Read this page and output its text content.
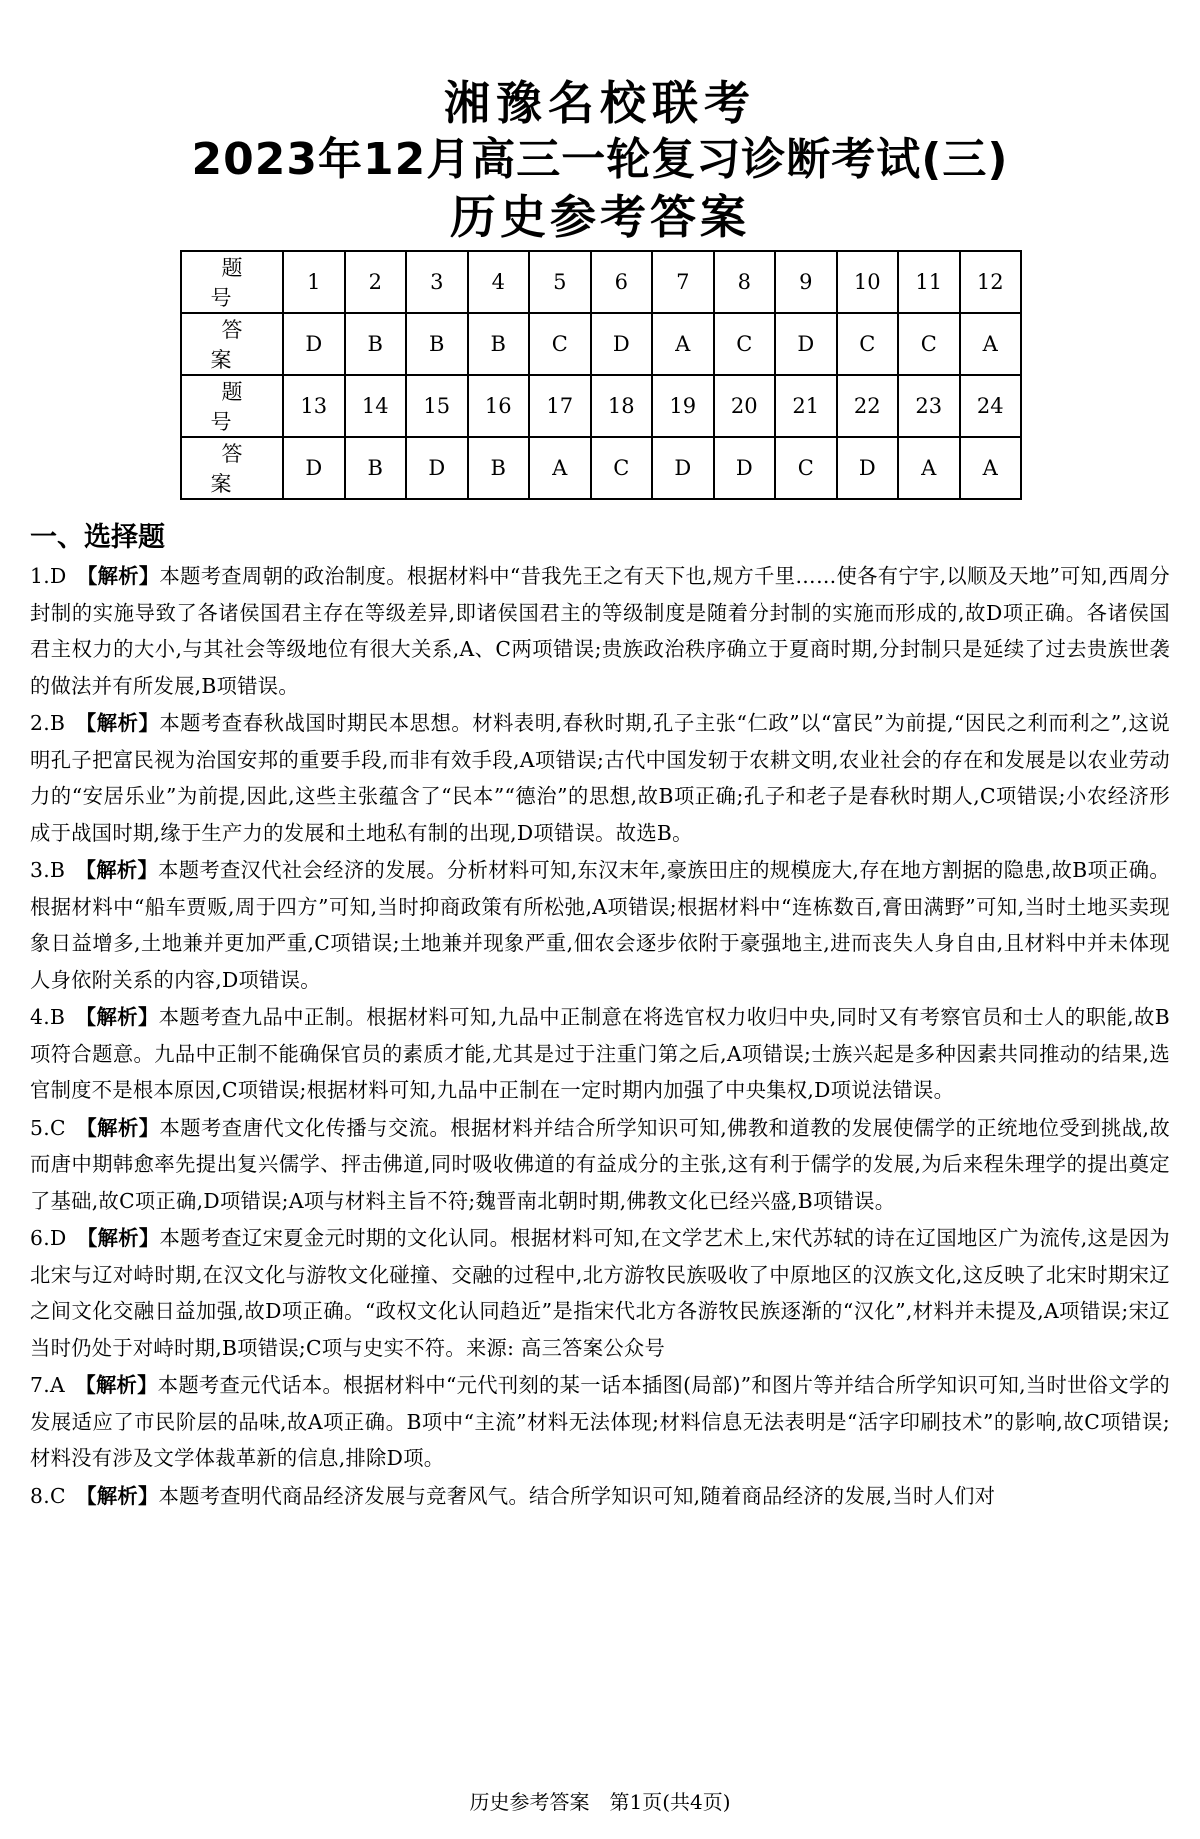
湘豫名校联考
2023年12月高三一轮复习诊断考试(三)
历史参考答案
题号	1	2	3	4	5	6	7	8	9	10	11	12
答案	D	B	B	B	C	D	A	C	D	C	C	A
题号	13	14	15	16	17	18	19	20	21	22	23	24
答案	D	B	D	B	A	C	D	D	C	D	A	A
一、选择题

1.D  【解析】本题考查周朝的政治制度。根据材料中“昔我先王之有天下也,规方千里……使各有宁宇,以顺及天地”可知,西周分封制的实施导致了各诸侯国君主存在等级差异,即诸侯国君主的等级制度是随着分封制的实施而形成的,故D项正确。各诸侯国君主权力的大小,与其社会等级地位有很大关系,A、C两项错误;贵族政治秩序确立于夏商时期,分封制只是延续了过去贵族世袭的做法并有所发展,B项错误。

2.B  【解析】本题考查春秋战国时期民本思想。材料表明,春秋时期,孔子主张“仁政”以“富民”为前提,“因民之利而利之”,这说明孔子把富民视为治国安邦的重要手段,而非有效手段,A项错误;古代中国发轫于农耕文明,农业社会的存在和发展是以农业劳动力的“安居乐业”为前提,因此,这些主张蕴含了“民本”“德治”的思想,故B项正确;孔子和老子是春秋时期人,C项错误;小农经济形成于战国时期,缘于生产力的发展和土地私有制的出现,D项错误。故选B。

3.B  【解析】本题考查汉代社会经济的发展。分析材料可知,东汉末年,豪族田庄的规模庞大,存在地方割据的隐患,故B项正确。根据材料中“船车贾贩,周于四方”可知,当时抑商政策有所松弛,A项错误;根据材料中“连栋数百,膏田满野”可知,当时土地买卖现象日益增多,土地兼并更加严重,C项错误;土地兼并现象严重,佃农会逐步依附于豪强地主,进而丧失人身自由,且材料中并未体现人身依附关系的内容,D项错误。

4.B  【解析】本题考查九品中正制。根据材料可知,九品中正制意在将选官权力收归中央,同时又有考察官员和士人的职能,故B项符合题意。九品中正制不能确保官员的素质才能,尤其是过于注重门第之后,A项错误;士族兴起是多种因素共同推动的结果,选官制度不是根本原因,C项错误;根据材料可知,九品中正制在一定时期内加强了中央集权,D项说法错误。

5.C  【解析】本题考查唐代文化传播与交流。根据材料并结合所学知识可知,佛教和道教的发展使儒学的正统地位受到挑战,故而唐中期韩愈率先提出复兴儒学、抨击佛道,同时吸收佛道的有益成分的主张,这有利于儒学的发展,为后来程朱理学的提出奠定了基础,故C项正确,D项错误;A项与材料主旨不符;魏晋南北朝时期,佛教文化已经兴盛,B项错误。

6.D  【解析】本题考查辽宋夏金元时期的文化认同。根据材料可知,在文学艺术上,宋代苏轼的诗在辽国地区广为流传,这是因为北宋与辽对峙时期,在汉文化与游牧文化碰撞、交融的过程中,北方游牧民族吸收了中原地区的汉族文化,这反映了北宋时期宋辽之间文化交融日益加强,故D项正确。“政权文化认同趋近”是指宋代北方各游牧民族逐渐的“汉化”,材料并未提及,A项错误;宋辽当时仍处于对峙时期,B项错误;C项与史实不符。来源: 高三答案公众号

7.A  【解析】本题考查元代话本。根据材料中“元代刊刻的某一话本插图(局部)”和图片等并结合所学知识可知,当时世俗文学的发展适应了市民阶层的品味,故A项正确。B项中“主流”材料无法体现;材料信息无法表明是“活字印刷技术”的影响,故C项错误;材料没有涉及文学体裁革新的信息,排除D项。

8.C  【解析】本题考查明代商品经济发展与竞奢风气。结合所学知识可知,随着商品经济的发展,当时人们对

历史参考答案　第1页(共4页)
